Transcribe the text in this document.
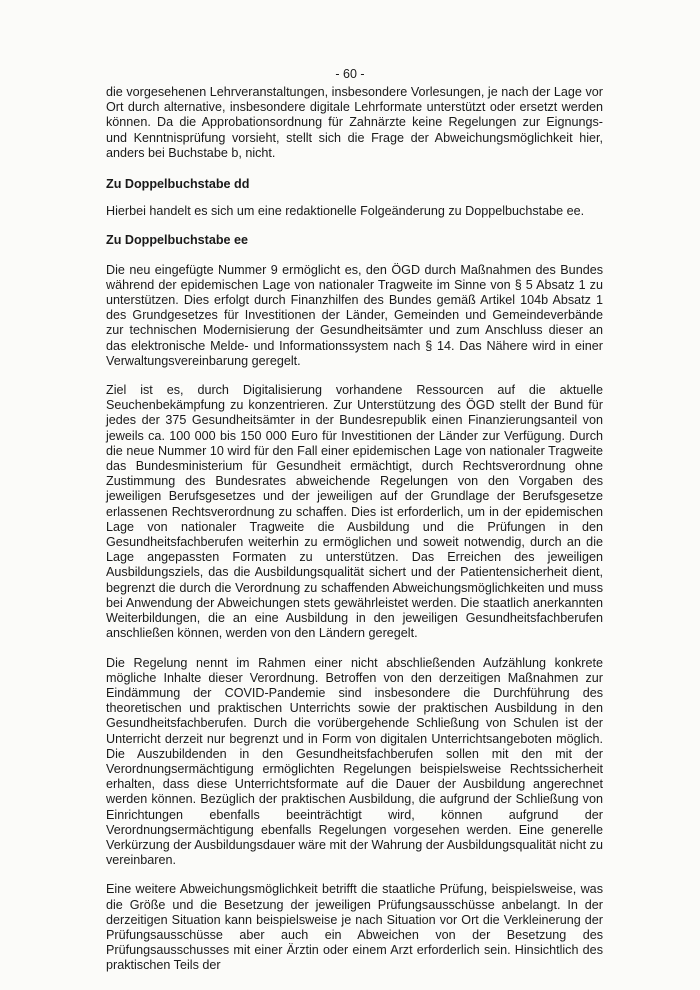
- 60 -

die vorgesehenen Lehrveranstaltungen, insbesondere Vorlesungen, je nach der Lage vor Ort durch alternative, insbesondere digitale Lehrformate unterstützt oder ersetzt werden können. Da die Approbationsordnung für Zahnärzte keine Regelungen zur Eignungs- und Kenntnisprüfung vorsieht, stellt sich die Frage der Abweichungsmöglichkeit hier, anders bei Buchstabe b, nicht.

Zu Doppelbuchstabe dd

Hierbei handelt es sich um eine redaktionelle Folgeänderung zu Doppelbuchstabe ee.

Zu Doppelbuchstabe ee

Die neu eingefügte Nummer 9 ermöglicht es, den ÖGD durch Maßnahmen des Bundes während der epidemischen Lage von nationaler Tragweite im Sinne von § 5 Absatz 1 zu unterstützen. Dies erfolgt durch Finanzhilfen des Bundes gemäß Artikel 104b Absatz 1 des Grundgesetzes für Investitionen der Länder, Gemeinden und Gemeindeverbände zur technischen Modernisierung der Gesundheitsämter und zum Anschluss dieser an das elektronische Melde- und Informationssystem nach § 14. Das Nähere wird in einer Verwaltungsvereinbarung geregelt.

Ziel ist es, durch Digitalisierung vorhandene Ressourcen auf die aktuelle Seuchenbekämpfung zu konzentrieren. Zur Unterstützung des ÖGD stellt der Bund für jedes der 375 Gesundheitsämter in der Bundesrepublik einen Finanzierungsanteil von jeweils ca. 100 000 bis 150 000 Euro für Investitionen der Länder zur Verfügung. Durch die neue Nummer 10 wird für den Fall einer epidemischen Lage von nationaler Tragweite das Bundesministerium für Gesundheit ermächtigt, durch Rechtsverordnung ohne Zustimmung des Bundesrates abweichende Regelungen von den Vorgaben des jeweiligen Berufsgesetzes und der jeweiligen auf der Grundlage der Berufsgesetze erlassenen Rechtsverordnung zu schaffen. Dies ist erforderlich, um in der epidemischen Lage von nationaler Tragweite die Ausbildung und die Prüfungen in den Gesundheitsfachberufen weiterhin zu ermöglichen und soweit notwendig, durch an die Lage angepassten Formaten zu unterstützen. Das Erreichen des jeweiligen Ausbildungsziels, das die Ausbildungsqualität sichert und der Patientensicherheit dient, begrenzt die durch die Verordnung zu schaffenden Abweichungsmöglichkeiten und muss bei Anwendung der Abweichungen stets gewährleistet werden. Die staatlich anerkannten Weiterbildungen, die an eine Ausbildung in den jeweiligen Gesundheitsfachberufen anschließen können, werden von den Ländern geregelt.

Die Regelung nennt im Rahmen einer nicht abschließenden Aufzählung konkrete mögliche Inhalte dieser Verordnung. Betroffen von den derzeitigen Maßnahmen zur Eindämmung der COVID-Pandemie sind insbesondere die Durchführung des theoretischen und praktischen Unterrichts sowie der praktischen Ausbildung in den Gesundheitsfachberufen. Durch die vorübergehende Schließung von Schulen ist der Unterricht derzeit nur begrenzt und in Form von digitalen Unterrichtsangeboten möglich. Die Auszubildenden in den Gesundheitsfachberufen sollen mit den mit der Verordnungsermächtigung ermöglichten Regelungen beispielsweise Rechtssicherheit erhalten, dass diese Unterrichtsformate auf die Dauer der Ausbildung angerechnet werden können. Bezüglich der praktischen Ausbildung, die aufgrund der Schließung von Einrichtungen ebenfalls beeinträchtigt wird, können aufgrund der Verordnungsermächtigung ebenfalls Regelungen vorgesehen werden. Eine generelle Verkürzung der Ausbildungsdauer wäre mit der Wahrung der Ausbildungsqualität nicht zu vereinbaren.

Eine weitere Abweichungsmöglichkeit betrifft die staatliche Prüfung, beispielsweise, was die Größe und die Besetzung der jeweiligen Prüfungsausschüsse anbelangt. In der derzeitigen Situation kann beispielsweise je nach Situation vor Ort die Verkleinerung der Prüfungsausschüsse aber auch ein Abweichen von der Besetzung des Prüfungsausschusses mit einer Ärztin oder einem Arzt erforderlich sein. Hinsichtlich des praktischen Teils der
